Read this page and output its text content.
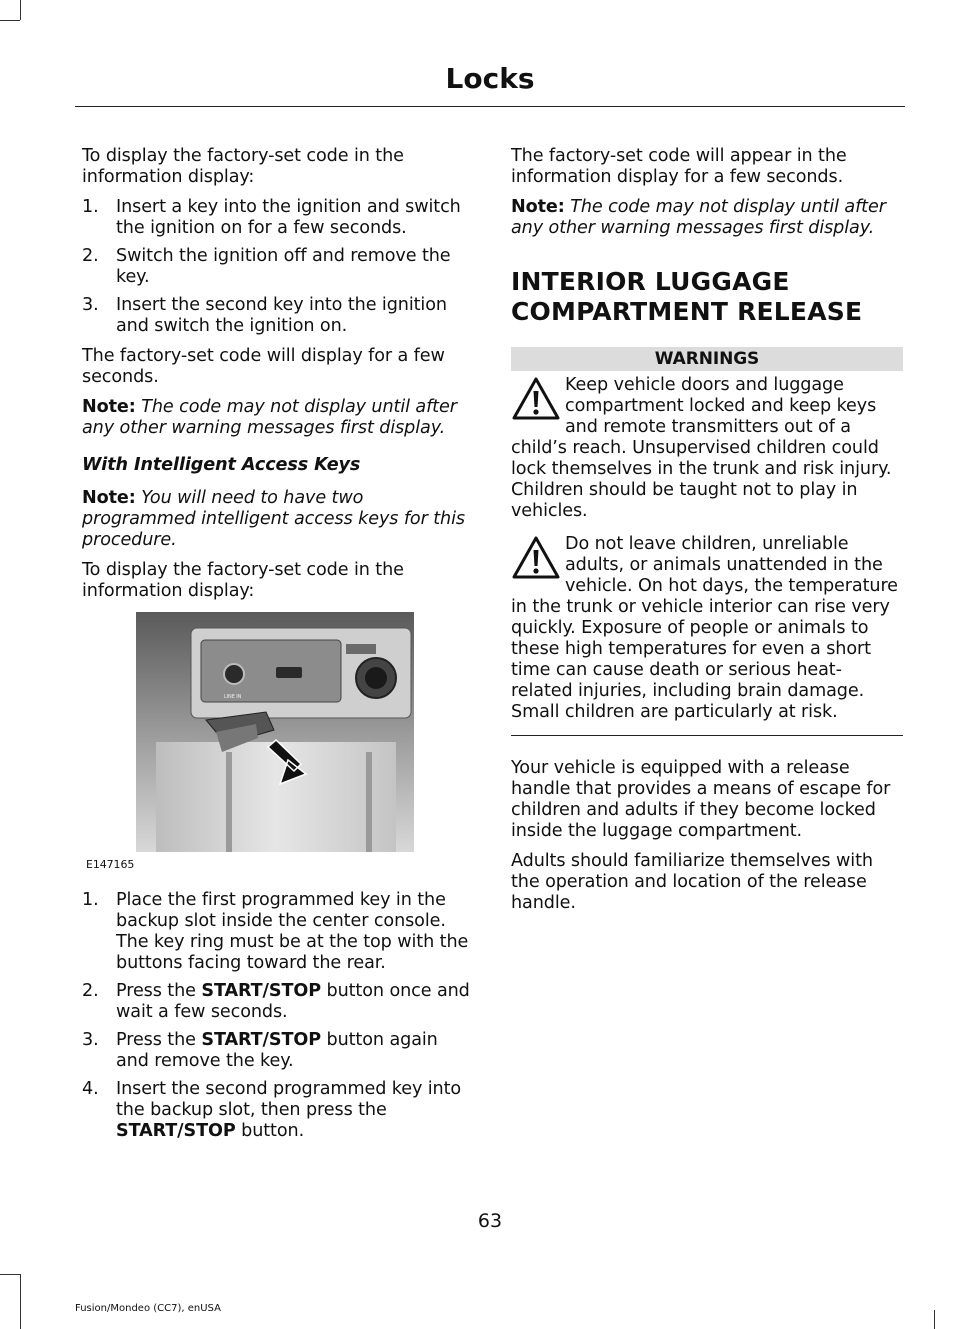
Locks

To display the factory-set code in the information display:

1. Insert a key into the ignition and switch the ignition on for a few seconds.
2. Switch the ignition off and remove the key.
3. Insert the second key into the ignition and switch the ignition on.

The factory-set code will display for a few seconds.

Note: The code may not display until after any other warning messages first display.

With Intelligent Access Keys

Note: You will need to have two programmed intelligent access keys for this procedure.

To display the factory-set code in the information display:

LINE IN
E147165
1. Place the first programmed key in the backup slot inside the center console. The key ring must be at the top with the buttons facing toward the rear.
2. Press the START/STOP button once and wait a few seconds.
3. Press the START/STOP button again and remove the key.
4. Insert the second programmed key into the backup slot, then press the START/STOP button.

The factory-set code will appear in the information display for a few seconds.

Note: The code may not display until after any other warning messages first display.

INTERIOR LUGGAGE COMPARTMENT RELEASE
WARNINGS
Keep vehicle doors and luggage compartment locked and keep keys and remote transmitters out of a child’s reach. Unsupervised children could lock themselves in the trunk and risk injury. Children should be taught not to play in vehicles.
Do not leave children, unreliable adults, or animals unattended in the vehicle. On hot days, the temperature in the trunk or vehicle interior can rise very quickly. Exposure of people or animals to these high temperatures for even a short time can cause death or serious heat-related injuries, including brain damage. Small children are particularly at risk.

Your vehicle is equipped with a release handle that provides a means of escape for children and adults if they become locked inside the luggage compartment.

Adults should familiarize themselves with the operation and location of the release handle.

63
Fusion/Mondeo (CC7), enUSA
